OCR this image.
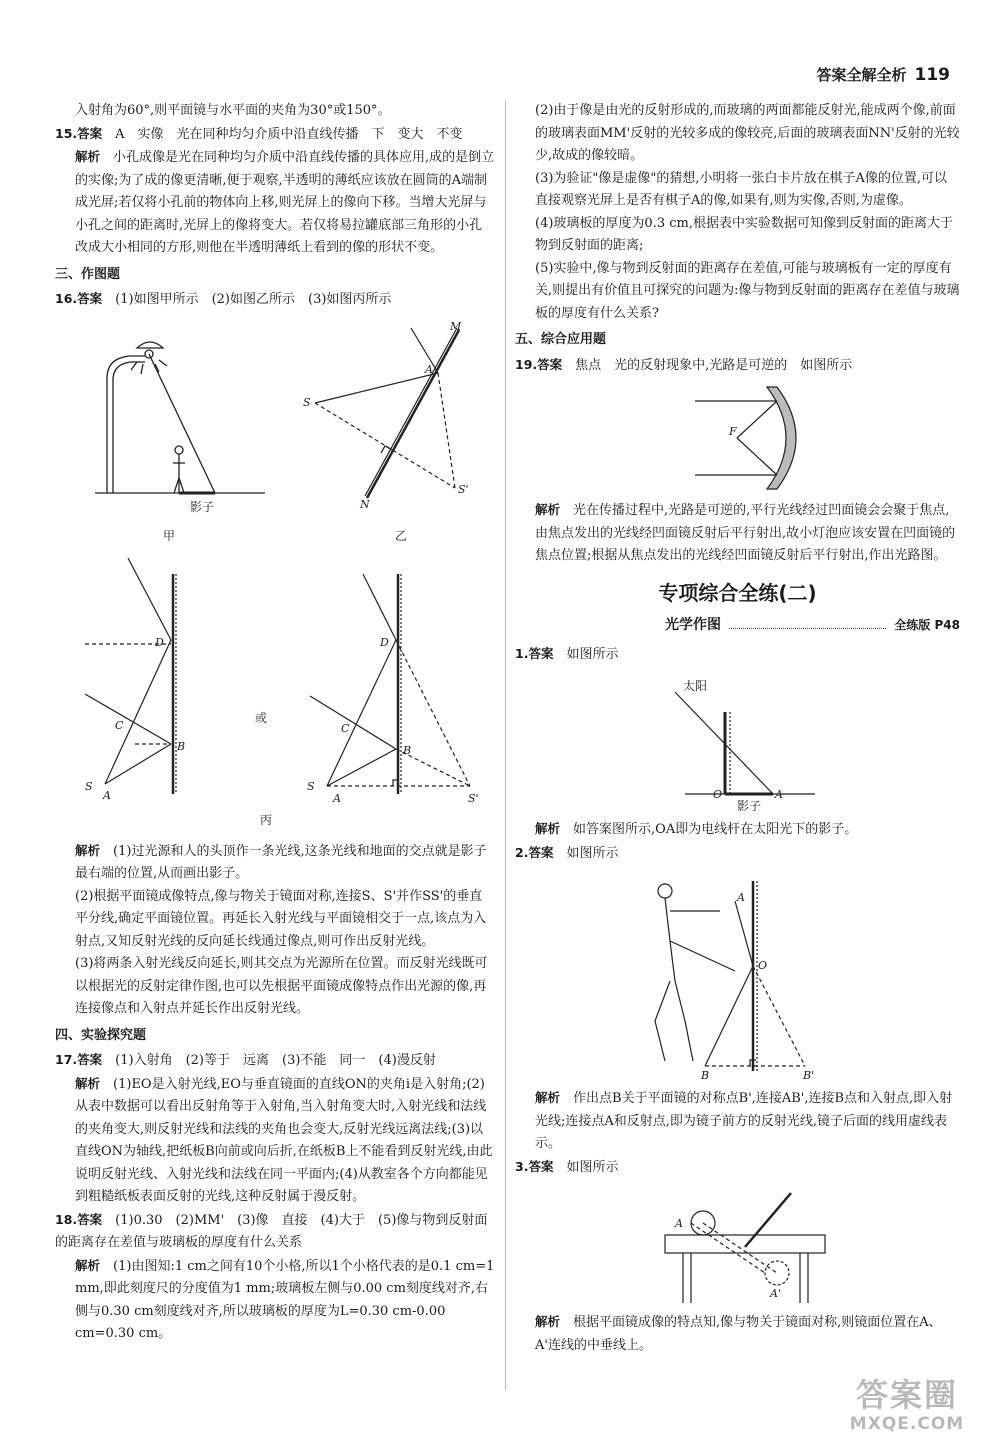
答案全解全析 119

入射角为60°,则平面镜与水平面的夹角为30°或150°。

15.答案　 A　实像　光在同种均匀介质中沿直线传播　下　变大　不变

解析　 小孔成像是光在同种均匀介质中沿直线传播的具体应用,成的是倒立的实像;为了成的像更清晰,便于观察,半透明的薄纸应该放在圆筒的A端制成光屏;若仅将小孔前的物体向上移,则光屏上的像向下移。当增大光屏与小孔之间的距离时,光屏上的像将变大。若仅将易拉罐底部三角形的小孔改成大小相同的方形,则他在半透明薄纸上看到的像的形状不变。

三、作图题

16.答案　 (1)如图甲所示　(2)如图乙所示　(3)如图丙所示

影子
甲
M
A
S
S'
N
乙
D
C
B
S
A
或
D
C
B
S
A	S'
丙

解析　 (1)过光源和人的头顶作一条光线,这条光线和地面的交点就是影子最右端的位置,从而画出影子。

(2)根据平面镜成像特点,像与物关于镜面对称,连接S、S'并作SS'的垂直平分线,确定平面镜位置。再延长入射光线与平面镜相交于一点,该点为入射点,又知反射光线的反向延长线通过像点,则可作出反射光线。

(3)将两条入射光线反向延长,则其交点为光源所在位置。而反射光线既可以根据光的反射定律作图,也可以先根据平面镜成像特点作出光源的像,再连接像点和入射点并延长作出反射光线。

四、实验探究题

17.答案　 (1)入射角　(2)等于　远离　(3)不能　同一　(4)漫反射

解析　 (1)EO是入射光线,EO与垂直镜面的直线ON的夹角i是入射角;(2)从表中数据可以看出反射角等于入射角,当入射角变大时,入射光线和法线的夹角变大,则反射光线和法线的夹角也会变大,反射光线远离法线;(3)以直线ON为轴线,把纸板B向前或向后折,在纸板B上不能看到反射光线,由此说明反射光线、入射光线和法线在同一平面内;(4)从教室各个方向都能见到粗糙纸板表面反射的光线,这种反射属于漫反射。

18.答案　 (1)0.30　(2)MM'　(3)像　直接　(4)大于　(5)像与物到反射面的距离存在差值与玻璃板的厚度有什么关系

解析　 (1)由图知:1 cm之间有10个小格,所以1个小格代表的是0.1 cm=1 mm,即此刻度尺的分度值为1 mm;玻璃板左侧与0.00 cm刻度线对齐,右侧与0.30 cm刻度线对齐,所以玻璃板的厚度为L=0.30 cm-0.00 cm=0.30 cm。

(2)由于像是由光的反射形成的,而玻璃的两面都能反射光,能成两个像,前面的玻璃表面MM'反射的光较多成的像较亮,后面的玻璃表面NN'反射的光较少,故成的像较暗。

(3)为验证"像是虚像"的猜想,小明将一张白卡片放在棋子A像的位置,可以直接观察光屏上是否有棋子A的像,如果有,则为实像,否则,为虚像。

(4)玻璃板的厚度为0.3 cm,根据表中实验数据可知像到反射面的距离大于物到反射面的距离;

(5)实验中,像与物到反射面的距离存在差值,可能与玻璃板有一定的厚度有关,则提出有价值且可探究的问题为:像与物到反射面的距离存在差值与玻璃板的厚度有什么关系?

五、综合应用题

19.答案　 焦点　光的反射现象中,光路是可逆的　如图所示

F

解析　 光在传播过程中,光路是可逆的,平行光线经过凹面镜会会聚于焦点,由焦点发出的光线经凹面镜反射后平行射出,故小灯泡应该安置在凹面镜的焦点位置;根据从焦点发出的光线经凹面镜反射后平行射出,作出光路图。

专项综合全练(二)
光学作图	全练版 P48

1.答案　 如图所示

太阳
O	A
影子

解析　 如答案图所示,OA即为电线杆在太阳光下的影子。

2.答案　 如图所示

A
O
B	B'

解析　 作出点B关于平面镜的对称点B',连接AB',连接B点和入射点,即入射光线;连接点A和反射点,即为镜子前方的反射光线,镜子后面的线用虚线表示。

3.答案　 如图所示

A
A'

解析　 根据平面镜成像的特点知,像与物关于镜面对称,则镜面位置在A、A'连线的中垂线上。

答案圈
MXQE.COM
